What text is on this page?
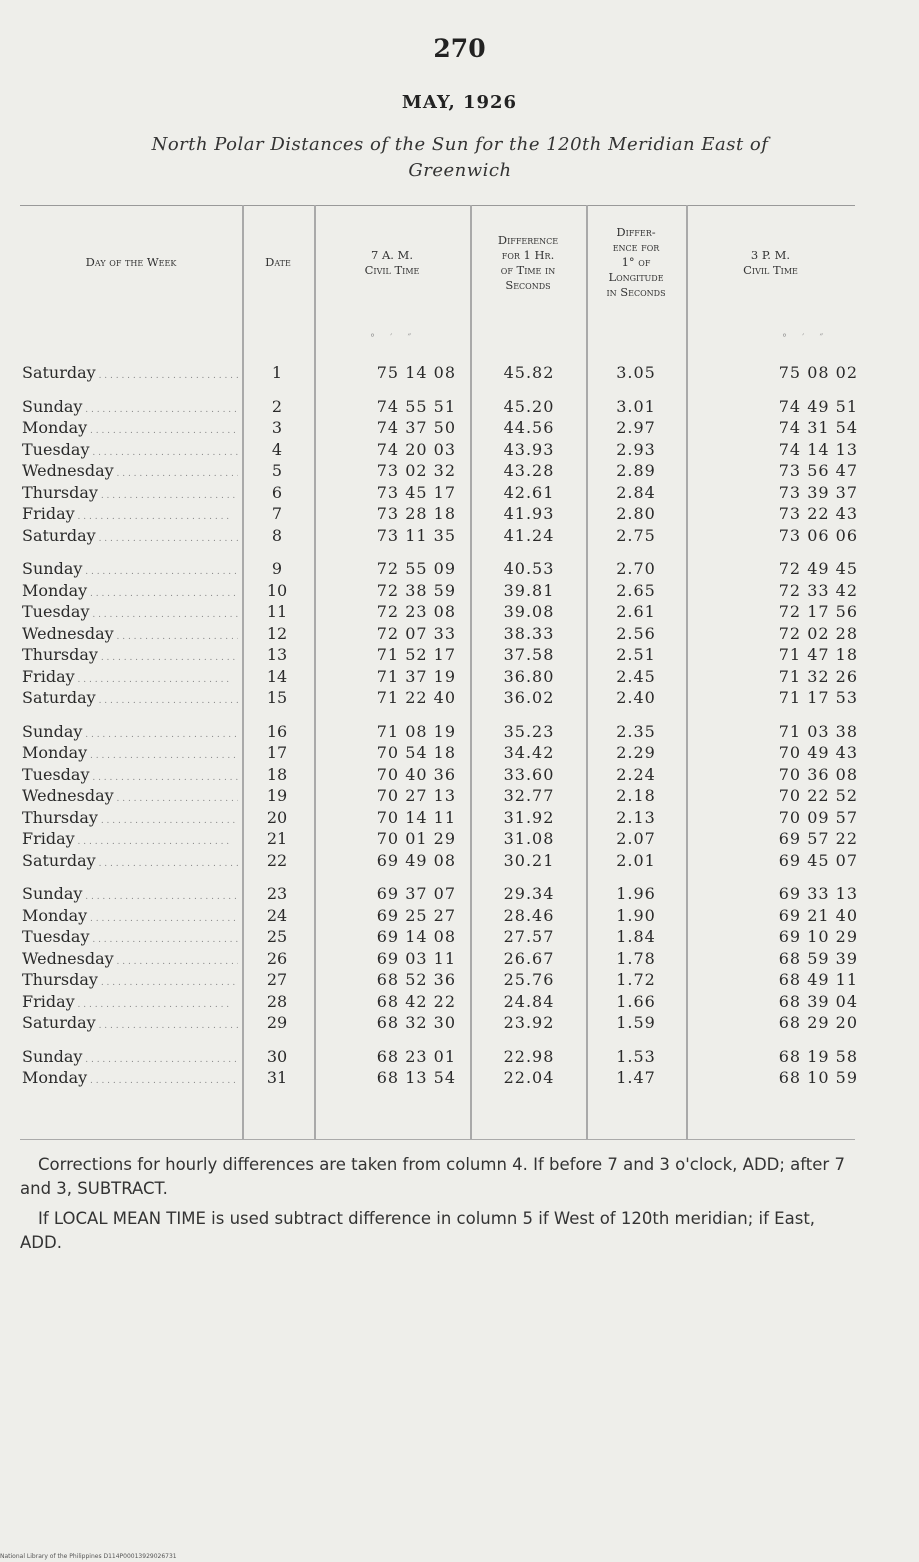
270
MAY, 1926
North Polar Distances of the Sun for the 120th Meridian East of
Greenwich
Day of the Week	Date
7 A. M.
Civil Time
Difference
for 1 Hr.
of Time in
Seconds
Differ-
ence for
1° of
Longitude
in Seconds
3 P. M.
Civil Time
° ′ ″	° ′ ″
Saturday . . .	1	75 14 08	45.82	3.05	75 08 02
Sunday . . .	2	74 55 51	45.20	3.01	74 49 51
Monday . . .	3	74 37 50	44.56	2.97	74 31 54
Tuesday . . .	4	74 20 03	43.93	2.93	74 14 13
Wednesday . . .	5	73 02 32	43.28	2.89	73 56 47
Thursday . . .	6	73 45 17	42.61	2.84	73 39 37
Friday . . .	7	73 28 18	41.93	2.80	73 22 43
Saturday . . .	8	73 11 35	41.24	2.75	73 06 06
Sunday . . .	9	72 55 09	40.53	2.70	72 49 45
Monday . . .	10	72 38 59	39.81	2.65	72 33 42
Tuesday . . .	11	72 23 08	39.08	2.61	72 17 56
Wednesday . . .	12	72 07 33	38.33	2.56	72 02 28
Thursday . . .	13	71 52 17	37.58	2.51	71 47 18
Friday . . .	14	71 37 19	36.80	2.45	71 32 26
Saturday . . .	15	71 22 40	36.02	2.40	71 17 53
Sunday . . .	16	71 08 19	35.23	2.35	71 03 38
Monday . . .	17	70 54 18	34.42	2.29	70 49 43
Tuesday . . .	18	70 40 36	33.60	2.24	70 36 08
Wednesday . . .	19	70 27 13	32.77	2.18	70 22 52
Thursday . . .	20	70 14 11	31.92	2.13	70 09 57
Friday . . .	21	70 01 29	31.08	2.07	69 57 22
Saturday . . .	22	69 49 08	30.21	2.01	69 45 07
Sunday . . .	23	69 37 07	29.34	1.96	69 33 13
Monday . . .	24	69 25 27	28.46	1.90	69 21 40
Tuesday . . .	25	69 14 08	27.57	1.84	69 10 29
Wednesday . . .	26	69 03 11	26.67	1.78	68 59 39
Thursday . . .	27	68 52 36	25.76	1.72	68 49 11
Friday . . .	28	68 42 22	24.84	1.66	68 39 04
Saturday . . .	29	68 32 30	23.92	1.59	68 29 20
Sunday . . .	30	68 23 01	22.98	1.53	68 19 58
Monday . . .	31	68 13 54	22.04	1.47	68 10 59
Corrections for hourly differences are taken from column 4. If before 7 and 3 o'clock, ADD; after 7 and 3, SUBTRACT.
If LOCAL MEAN TIME is used subtract difference in column 5 if West of 120th meridian; if East, ADD.
National Library of the Philippines D114P00013929026731
